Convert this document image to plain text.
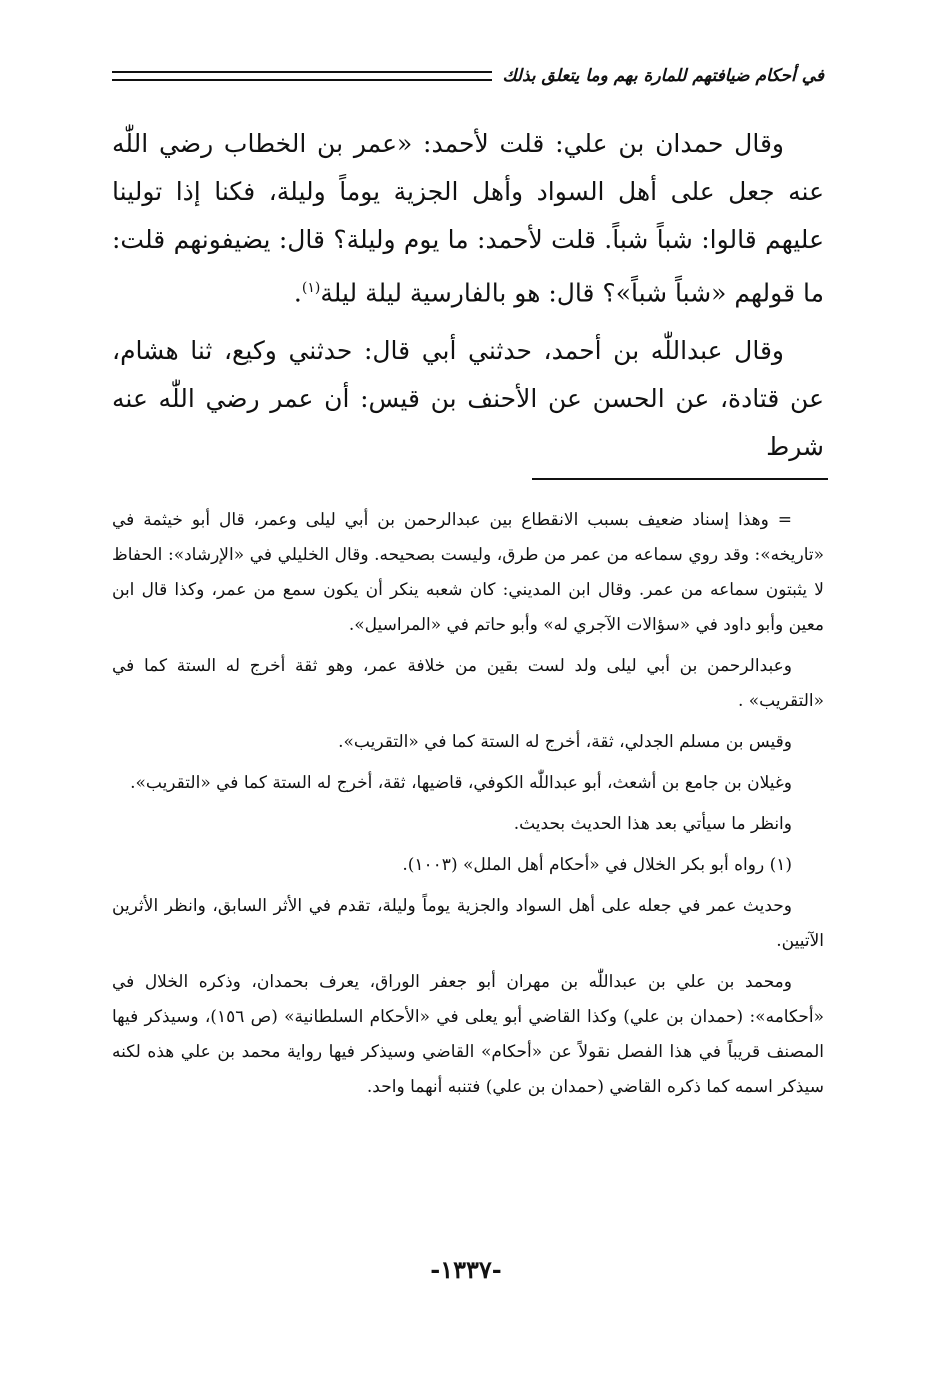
في أحكام ضيافتهم للمارة بهم وما يتعلق بذلك

وقال حمدان بن علي: قلت لأحمد: «عمر بن الخطاب رضي اللّٰه عنه جعل على أهل السواد وأهل الجزية يوماً وليلة، فكنا إذا تولينا عليهم قالوا: شباً شباً. قلت لأحمد: ما يوم وليلة؟ قال: يضيفونهم قلت: ما قولهم «شباً شباً»؟ قال: هو بالفارسية ليلة ليلة$^{(١)}$.

وقال عبداللّٰه بن أحمد، حدثني أبي قال: حدثني وكيع، ثنا هشام، عن قتادة، عن الحسن عن الأحنف بن قيس: أن عمر رضي اللّٰه عنه شرط

= وهذا إسناد ضعيف بسبب الانقطاع بين عبدالرحمن بن أبي ليلى وعمر، قال أبو خيثمة في «تاريخه»: وقد روي سماعه من عمر من طرق، وليست بصحيحه. وقال الخليلي في «الإرشاد»: الحفاظ لا يثبتون سماعه من عمر. وقال ابن المديني: كان شعبه ينكر أن يكون سمع من عمر، وكذا قال ابن معين وأبو داود في «سؤالات الآجري له» وأبو حاتم في «المراسيل».

وعبدالرحمن بن أبي ليلى ولد لست بقين من خلافة عمر، وهو ثقة أخرج له الستة كما في «التقريب» .

وقيس بن مسلم الجدلي، ثقة، أخرج له الستة كما في «التقريب».

وغيلان بن جامع بن أشعث، أبو عبداللّٰه الكوفي، قاضيها، ثقة، أخرج له الستة كما في «التقريب».

وانظر ما سيأتي بعد هذا الحديث بحديث.

(١) رواه أبو بكر الخلال في «أحكام أهل الملل» (١٠٠٣).

وحديث عمر في جعله على أهل السواد والجزية يوماً وليلة، تقدم في الأثر السابق، وانظر الأثرين الآتيين.

ومحمد بن علي بن عبداللّٰه بن مهران أبو جعفر الوراق، يعرف بحمدان، وذكره الخلال في «أحكامه»: (حمدان بن علي) وكذا القاضي أبو يعلى في «الأحكام السلطانية» (ص ١٥٦)، وسيذكر فيها المصنف قريباً في هذا الفصل نقولاً عن «أحكام» القاضي وسيذكر فيها رواية محمد بن علي هذه لكنه سيذكر اسمه كما ذكره القاضي (حمدان بن علي) فتنبه أنهما واحد.

-١٣٣٧-
